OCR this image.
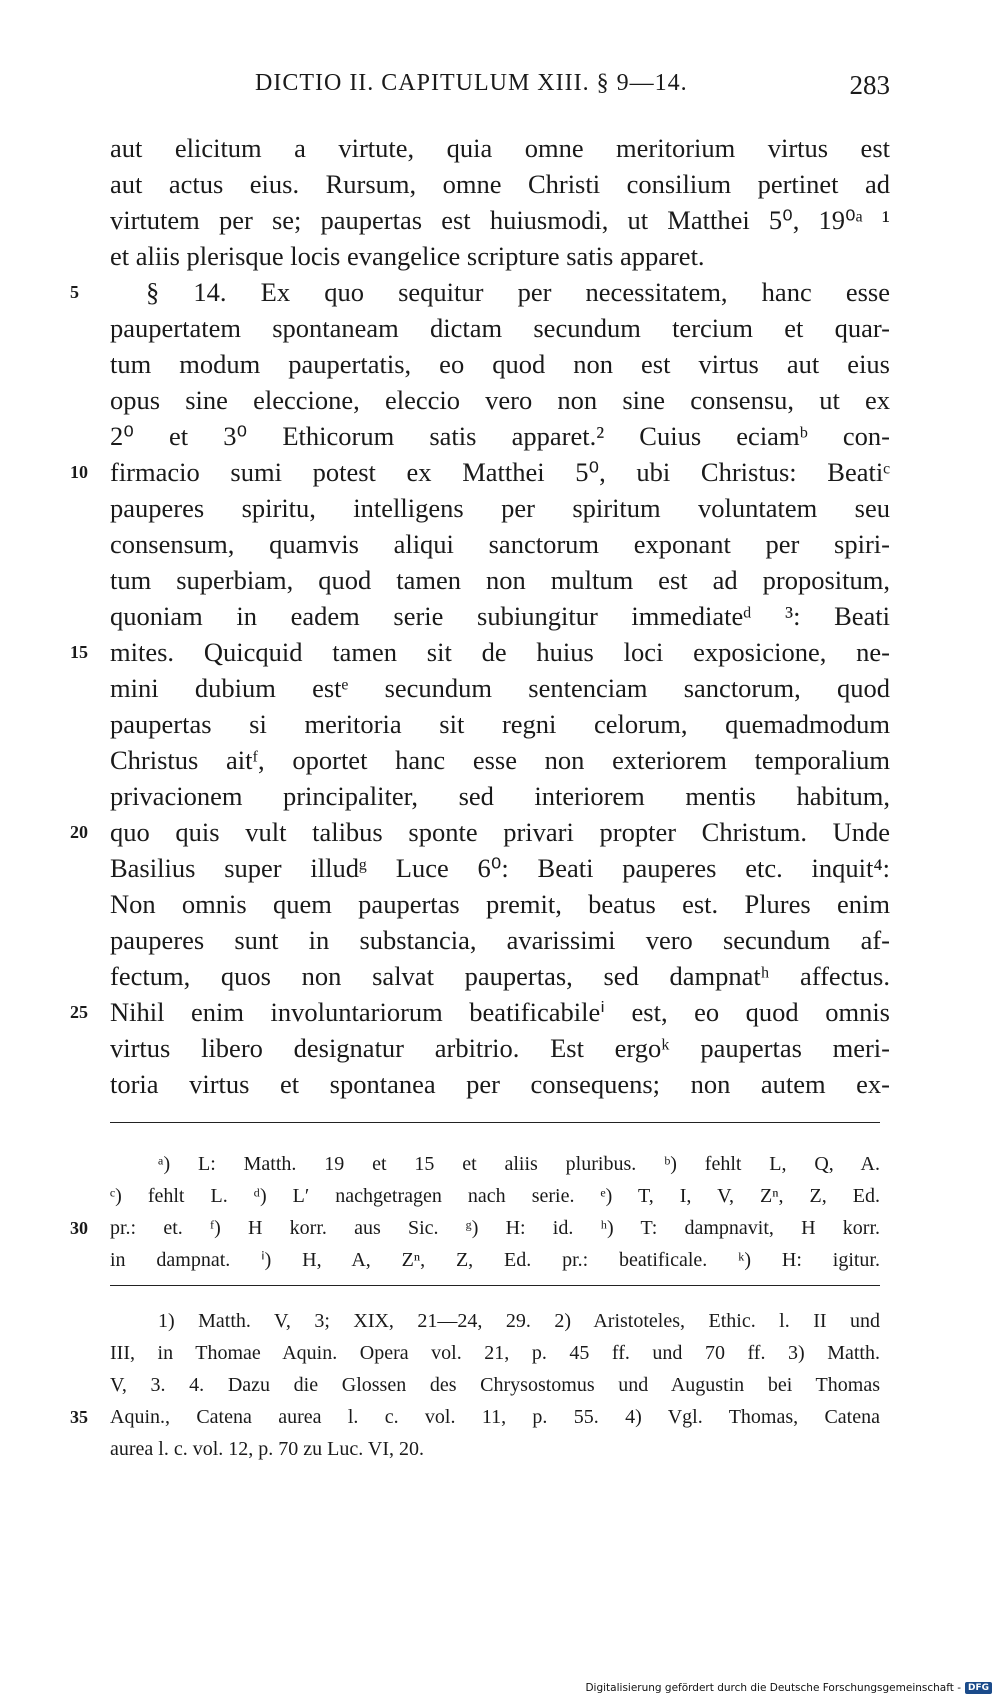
DICTIO II. CAPITULUM XIII. § 9—14.	283
aut elicitum a virtute, quia omne meritorium virtus est
aut actus eius. Rursum, omne Christi consilium pertinet ad
virtutem per se; paupertas est huiusmodi, ut Matthei 5⁰, 19⁰ᵃ ¹
et aliis plerisque locis evangelice scripture satis apparet.
5	§ 14. Ex quo sequitur per necessitatem, hanc esse
paupertatem spontaneam dictam secundum tercium et quar-
tum modum paupertatis, eo quod non est virtus aut eius
opus sine eleccione, eleccio vero non sine consensu, ut ex
2⁰ et 3⁰ Ethicorum satis apparet.² Cuius eciamᵇ con-
10 firmacio sumi potest ex Matthei 5⁰, ubi Christus: Beatiᶜ
pauperes spiritu, intelligens per spiritum voluntatem seu
consensum, quamvis aliqui sanctorum exponant per spiri-
tum superbiam, quod tamen non multum est ad propositum,
quoniam in eadem serie subiungitur immediateᵈ ³: Beati
15 mites. Quicquid tamen sit de huius loci exposicione, ne-
mini dubium estᵉ secundum sentenciam sanctorum, quod
paupertas si meritoria sit regni celorum, quemadmodum
Christus aitᶠ, oportet hanc esse non exteriorem temporalium
privacionem principaliter, sed interiorem mentis habitum,
20 quo quis vult talibus sponte privari propter Christum. Unde
Basilius super illudᵍ Luce 6⁰: Beati pauperes etc. inquit⁴:
Non omnis quem paupertas premit, beatus est. Plures enim
pauperes sunt in substancia, avarissimi vero secundum af-
fectum, quos non salvat paupertas, sed dampnatʰ affectus.
25 Nihil enim involuntariorum beatificabileⁱ est, eo quod omnis
virtus libero designatur arbitrio. Est ergoᵏ paupertas meri-
toria virtus et spontanea per consequens; non autem ex-
ᵃ) L: Matth. 19 et 15 et aliis pluribus. ᵇ) fehlt L, Q, A.
ᶜ) fehlt L. ᵈ) L′ nachgetragen nach serie. ᵉ) T, I, V, Zⁿ, Z, Ed.
30 pr.: et. ᶠ) H korr. aus Sic. ᵍ) H: id. ʰ) T: dampnavit, H korr.
in dampnat. ⁱ) H, A, Zⁿ, Z, Ed. pr.: beatificale. ᵏ) H: igitur.
1) Matth. V, 3; XIX, 21—24, 29. 2) Aristoteles, Ethic. l. II und
III, in Thomae Aquin. Opera vol. 21, p. 45 ff. und 70 ff. 3) Matth.
V, 3. 4. Dazu die Glossen des Chrysostomus und Augustin bei Thomas
35 Aquin., Catena aurea l. c. vol. 11, p. 55. 4) Vgl. Thomas, Catena
aurea l. c. vol. 12, p. 70 zu Luc. VI, 20.
Digitalisierung gefördert durch die Deutsche Forschungsgemeinschaft - DFG
